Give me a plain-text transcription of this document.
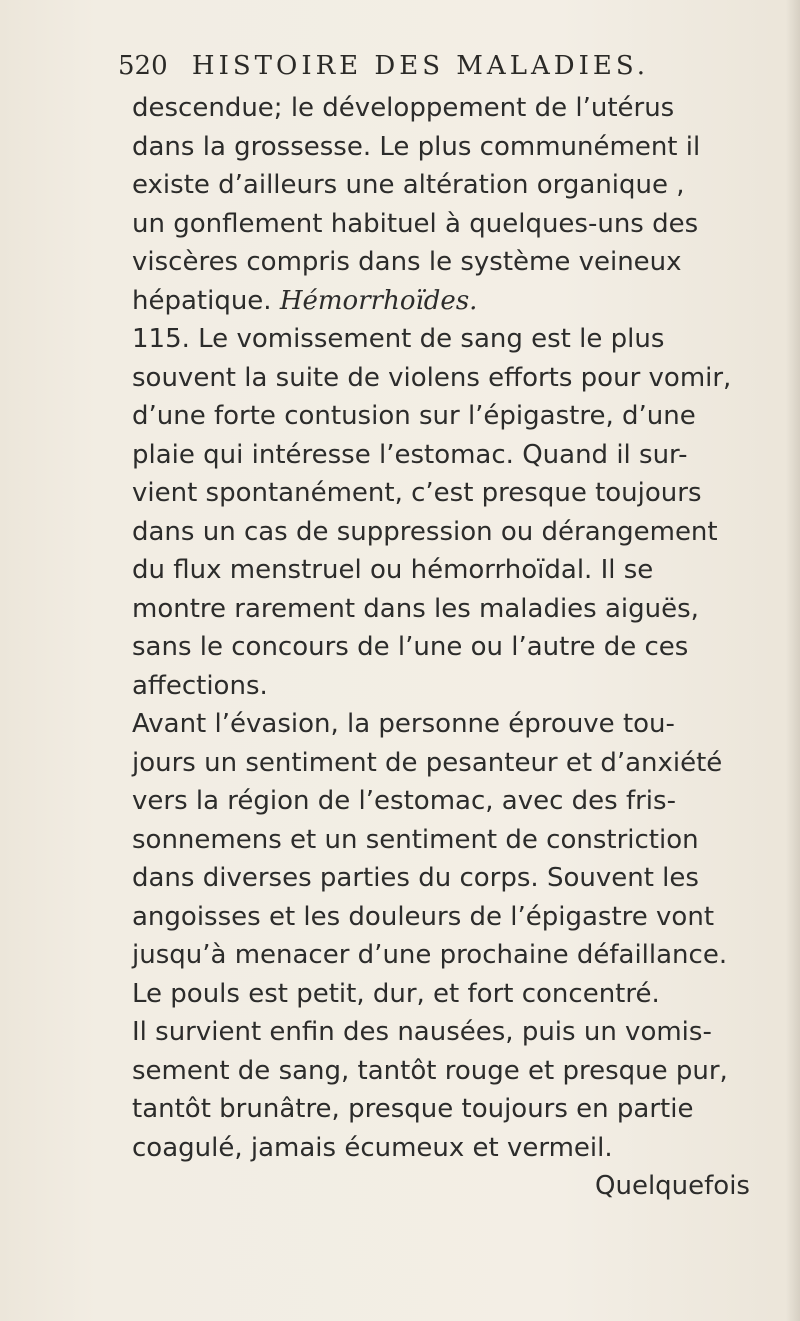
520 HISTOIRE DES MALADIES.
descendue; le développement de l’utérus
dans la grossesse. Le plus communément il
existe d’ailleurs une altération organique ,
un gonflement habituel à quelques-uns des
viscères compris dans le système veineux
hépatique. Hémorrhoïdes.
115. Le vomissement de sang est le plus
souvent la suite de violens efforts pour vomir,
d’une forte contusion sur l’épigastre, d’une
plaie qui intéresse l’estomac. Quand il sur-
vient spontanément, c’est presque toujours
dans un cas de suppression ou dérangement
du flux menstruel ou hémorrhoïdal. Il se
montre rarement dans les maladies aiguës,
sans le concours de l’une ou l’autre de ces
affections.
Avant l’évasion, la personne éprouve tou-
jours un sentiment de pesanteur et d’anxiété
vers la région de l’estomac, avec des fris-
sonnemens et un sentiment de constriction
dans diverses parties du corps. Souvent les
angoisses et les douleurs de l’épigastre vont
jusqu’à menacer d’une prochaine défaillance.
Le pouls est petit, dur, et fort concentré.
Il survient enfin des nausées, puis un vomis-
sement de sang, tantôt rouge et presque pur,
tantôt brunâtre, presque toujours en partie
coagulé, jamais écumeux et vermeil.
Quelquefois
